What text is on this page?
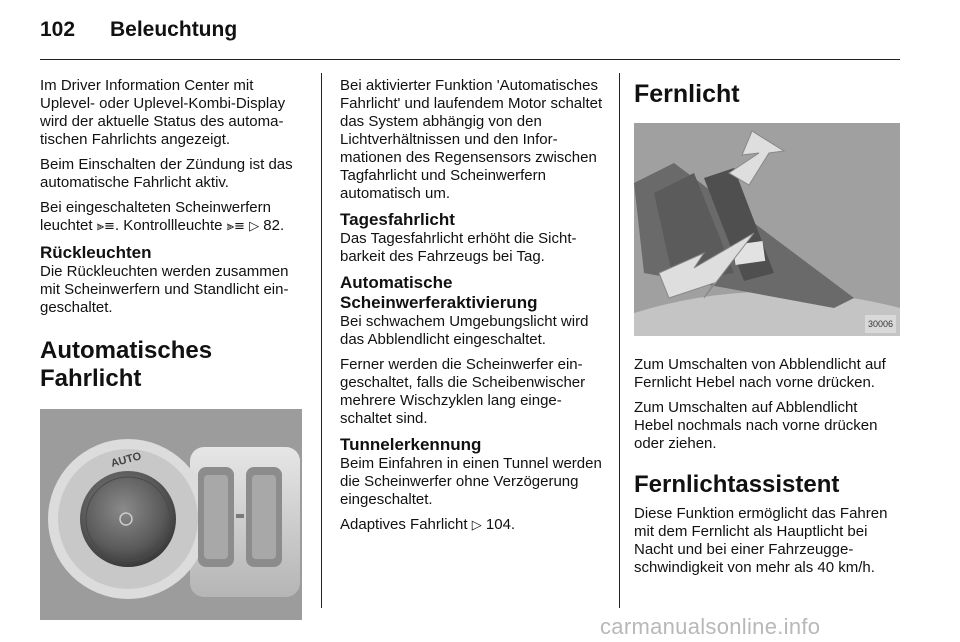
102	Beleuchtung

Im Driver Information Center mit Uplevel- oder Uplevel-Kombi-Display wird der aktuelle Status des automatischen Fahrlichts angezeigt.

Beim Einschalten der Zündung ist das automatische Fahrlicht aktiv.

Bei eingeschalteten Scheinwerfern leuchtet ⫸≡. Kontrollleuchte ⫸≡ ▷ 82.

Rückleuchten

Die Rückleuchten werden zusammen mit Scheinwerfern und Standlicht eingeschaltet.

Automatisches Fahrlicht
AUTO

Bei aktivierter Funktion 'Automatisches Fahrlicht' und laufendem Motor schaltet das System abhängig von den Lichtverhältnissen und den Informationen des Regensensors zwischen Tagfahrlicht und Scheinwerfern automatisch um.

Tagesfahrlicht

Das Tagesfahrlicht erhöht die Sichtbarkeit des Fahrzeugs bei Tag.

Automatische
Scheinwerferaktivierung

Bei schwachem Umgebungslicht wird das Abblendlicht eingeschaltet.

Ferner werden die Scheinwerfer eingeschaltet, falls die Scheibenwischer mehrere Wischzyklen lang eingeschaltet sind.

Tunnelerkennung

Beim Einfahren in einen Tunnel werden die Scheinwerfer ohne Verzögerung eingeschaltet.

Adaptives Fahrlicht ▷ 104.

Fernlicht
30006

Zum Umschalten von Abblendlicht auf Fernlicht Hebel nach vorne drücken.

Zum Umschalten auf Abblendlicht Hebel nochmals nach vorne drücken oder ziehen.

Fernlichtassistent

Diese Funktion ermöglicht das Fahren mit dem Fernlicht als Hauptlicht bei Nacht und bei einer Fahrzeuggeschwindigkeit von mehr als 40 km/h.

carmanualsonline.info
